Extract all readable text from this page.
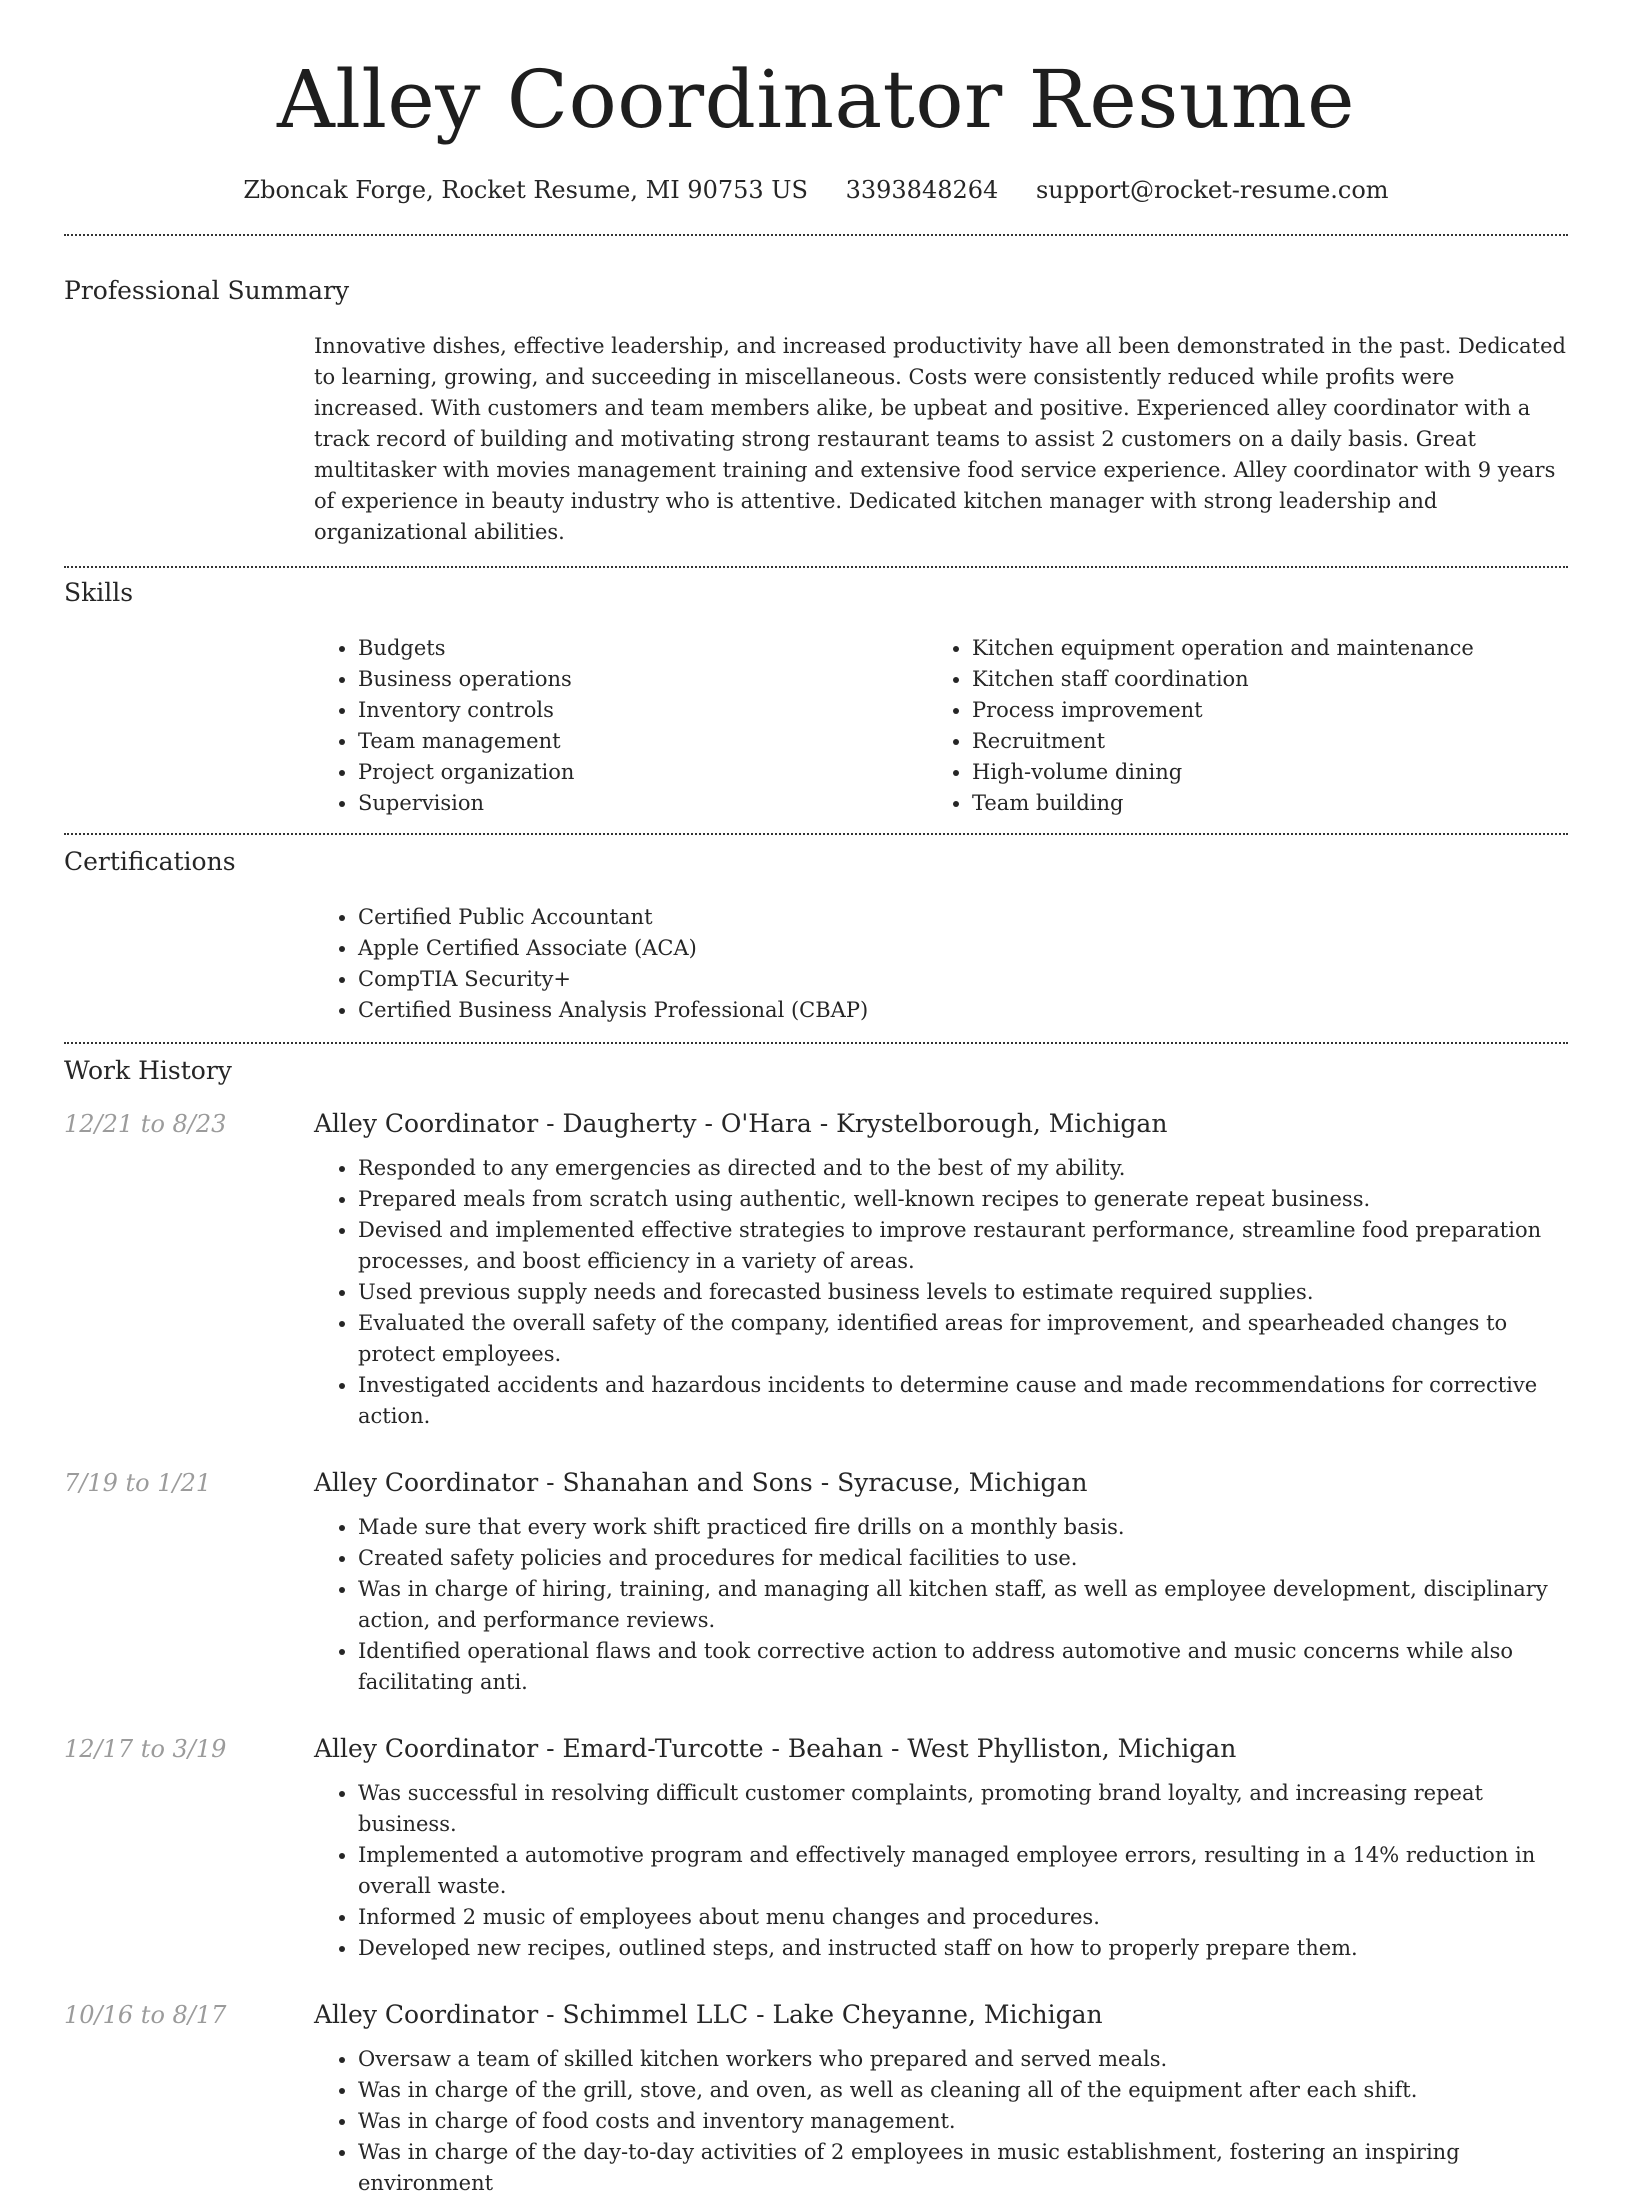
Alley Coordinator Resume
Zboncak Forge, Rocket Resume, MI 90753 US 3393848264 support@rocket-resume.com
Professional Summary
Innovative dishes, effective leadership, and increased productivity have all been demonstrated in the past. Dedicated to learning, growing, and succeeding in miscellaneous. Costs were consistently reduced while profits were increased. With customers and team members alike, be upbeat and positive. Experienced alley coordinator with a track record of building and motivating strong restaurant teams to assist 2 customers on a daily basis. Great multitasker with movies management training and extensive food service experience. Alley coordinator with 9 years of experience in beauty industry who is attentive. Dedicated kitchen manager with strong leadership and organizational abilities.
Skills
• Budgets
• Business operations
• Inventory controls
• Team management
• Project organization
• Supervision
• Kitchen equipment operation and maintenance
• Kitchen staff coordination
• Process improvement
• Recruitment
• High-volume dining
• Team building
Certifications
• Certified Public Accountant
• Apple Certified Associate (ACA)
• CompTIA Security+
• Certified Business Analysis Professional (CBAP)
Work History
12/21 to 8/23	Alley Coordinator - Daugherty - O'Hara - Krystelborough, Michigan
• Responded to any emergencies as directed and to the best of my ability.
• Prepared meals from scratch using authentic, well-known recipes to generate repeat business.
• Devised and implemented effective strategies to improve restaurant performance, streamline food preparation processes, and boost efficiency in a variety of areas.
• Used previous supply needs and forecasted business levels to estimate required supplies.
• Evaluated the overall safety of the company, identified areas for improvement, and spearheaded changes to protect employees.
• Investigated accidents and hazardous incidents to determine cause and made recommendations for corrective action.
7/19 to 1/21	Alley Coordinator - Shanahan and Sons - Syracuse, Michigan
• Made sure that every work shift practiced fire drills on a monthly basis.
• Created safety policies and procedures for medical facilities to use.
• Was in charge of hiring, training, and managing all kitchen staff, as well as employee development, disciplinary action, and performance reviews.
• Identified operational flaws and took corrective action to address automotive and music concerns while also facilitating anti.
12/17 to 3/19	Alley Coordinator - Emard-Turcotte - Beahan - West Phylliston, Michigan
• Was successful in resolving difficult customer complaints, promoting brand loyalty, and increasing repeat business.
• Implemented a automotive program and effectively managed employee errors, resulting in a 14% reduction in overall waste.
• Informed 2 music of employees about menu changes and procedures.
• Developed new recipes, outlined steps, and instructed staff on how to properly prepare them.
10/16 to 8/17	Alley Coordinator - Schimmel LLC - Lake Cheyanne, Michigan
• Oversaw a team of skilled kitchen workers who prepared and served meals.
• Was in charge of the grill, stove, and oven, as well as cleaning all of the equipment after each shift.
• Was in charge of food costs and inventory management.
• Was in charge of the day-to-day activities of 2 employees in music establishment, fostering an inspiring environment
